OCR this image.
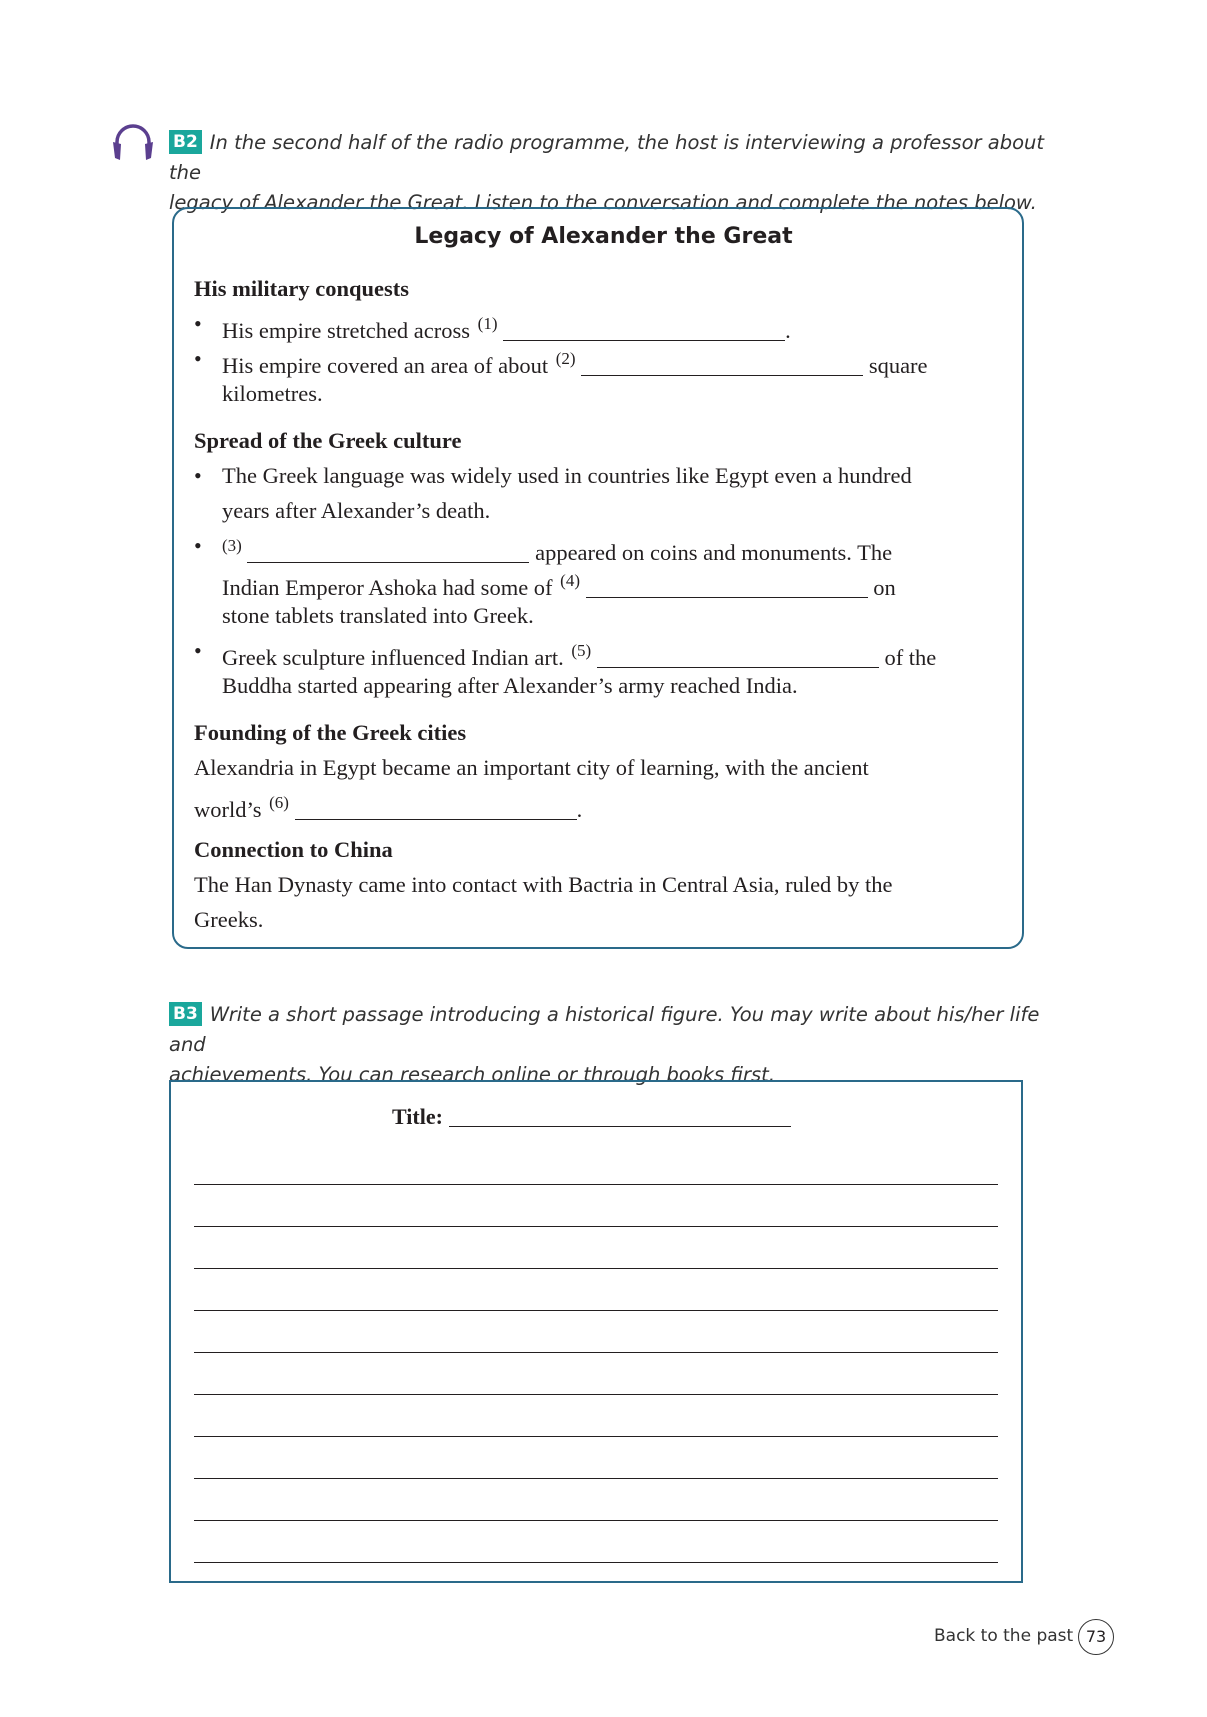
B2 In the second half of the radio programme, the host is interviewing a professor about the
legacy of Alexander the Great. Listen to the conversation and complete the notes below.
Legacy of Alexander the Great
His military conquests
• His empire stretched across $^{(1)}$	.
• His empire covered an area of about $^{(2)}$	square
kilometres.
Spread of the Greek culture
• The Greek language was widely used in countries like Egypt even a hundred
years after Alexander’s death.
• $^{(3)}$	appeared on coins and monuments. The
Indian Emperor Ashoka had some of $^{(4)}$	on
stone tablets translated into Greek.
• Greek sculpture influenced Indian art. $^{(5)}$	of the
Buddha started appearing after Alexander’s army reached India.
Founding of the Greek cities
Alexandria in Egypt became an important city of learning, with the ancient
world’s $^{(6)}$	.
Connection to China
The Han Dynasty came into contact with Bactria in Central Asia, ruled by the
Greeks.
B3 Write a short passage introducing a historical figure. You may write about his/her life and
achievements. You can research online or through books first.
Title:
Back to the past 73
